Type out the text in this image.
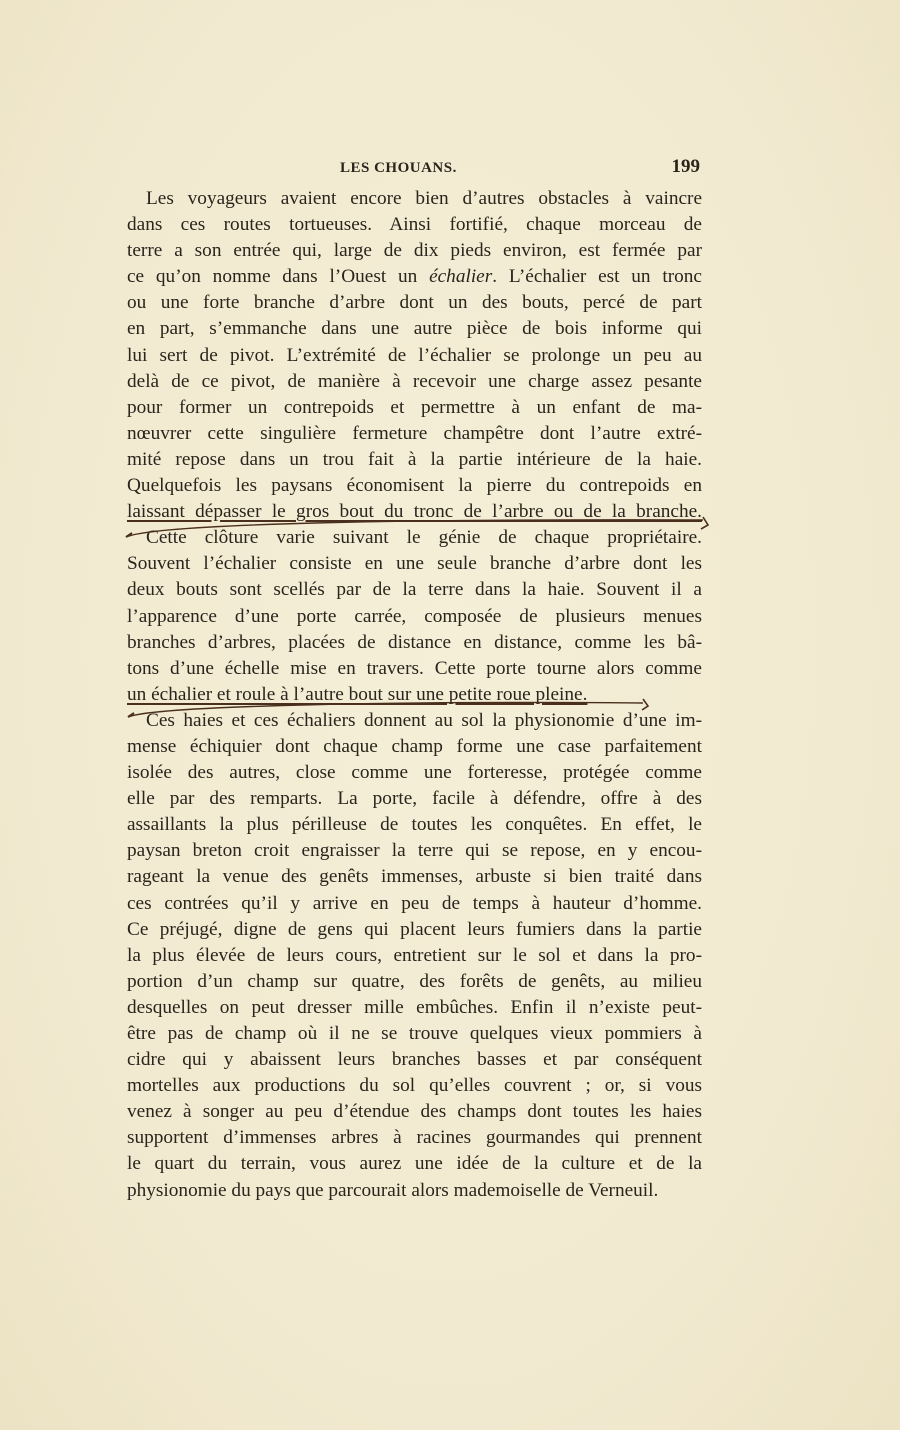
LES CHOUANS.	199
Les voyageurs avaient encore bien d’autres obstacles à vaincre
dans ces routes tortueuses. Ainsi fortifié, chaque morceau de
terre a son entrée qui, large de dix pieds environ, est fermée par
ce qu’on nomme dans l’Ouest un échalier. L’échalier est un tronc
ou une forte branche d’arbre dont un des bouts, percé de part
en part, s’emmanche dans une autre pièce de bois informe qui
lui sert de pivot. L’extrémité de l’échalier se prolonge un peu au
delà de ce pivot, de manière à recevoir une charge assez pesante
pour former un contrepoids et permettre à un enfant de ma-
nœuvrer cette singulière fermeture champêtre dont l’autre extré-
mité repose dans un trou fait à la partie intérieure de la haie.
Quelquefois les paysans économisent la pierre du contrepoids en
laissant dépasser le gros bout du tronc de l’arbre ou de la branche.
Cette clôture varie suivant le génie de chaque propriétaire.
Souvent l’échalier consiste en une seule branche d’arbre dont les
deux bouts sont scellés par de la terre dans la haie. Souvent il a
l’apparence d’une porte carrée, composée de plusieurs menues
branches d’arbres, placées de distance en distance, comme les bâ-
tons d’une échelle mise en travers. Cette porte tourne alors comme
un échalier et roule à l’autre bout sur une petite roue pleine.
Ces haies et ces échaliers donnent au sol la physionomie d’une im-
mense échiquier dont chaque champ forme une case parfaitement
isolée des autres, close comme une forteresse, protégée comme
elle par des remparts. La porte, facile à défendre, offre à des
assaillants la plus périlleuse de toutes les conquêtes. En effet, le
paysan breton croit engraisser la terre qui se repose, en y encou-
rageant la venue des genêts immenses, arbuste si bien traité dans
ces contrées qu’il y arrive en peu de temps à hauteur d’homme.
Ce préjugé, digne de gens qui placent leurs fumiers dans la partie
la plus élevée de leurs cours, entretient sur le sol et dans la pro-
portion d’un champ sur quatre, des forêts de genêts, au milieu
desquelles on peut dresser mille embûches. Enfin il n’existe peut-
être pas de champ où il ne se trouve quelques vieux pommiers à
cidre qui y abaissent leurs branches basses et par conséquent
mortelles aux productions du sol qu’elles couvrent ; or, si vous
venez à songer au peu d’étendue des champs dont toutes les haies
supportent d’immenses arbres à racines gourmandes qui prennent
le quart du terrain, vous aurez une idée de la culture et de la
physionomie du pays que parcourait alors mademoiselle de Verneuil.
